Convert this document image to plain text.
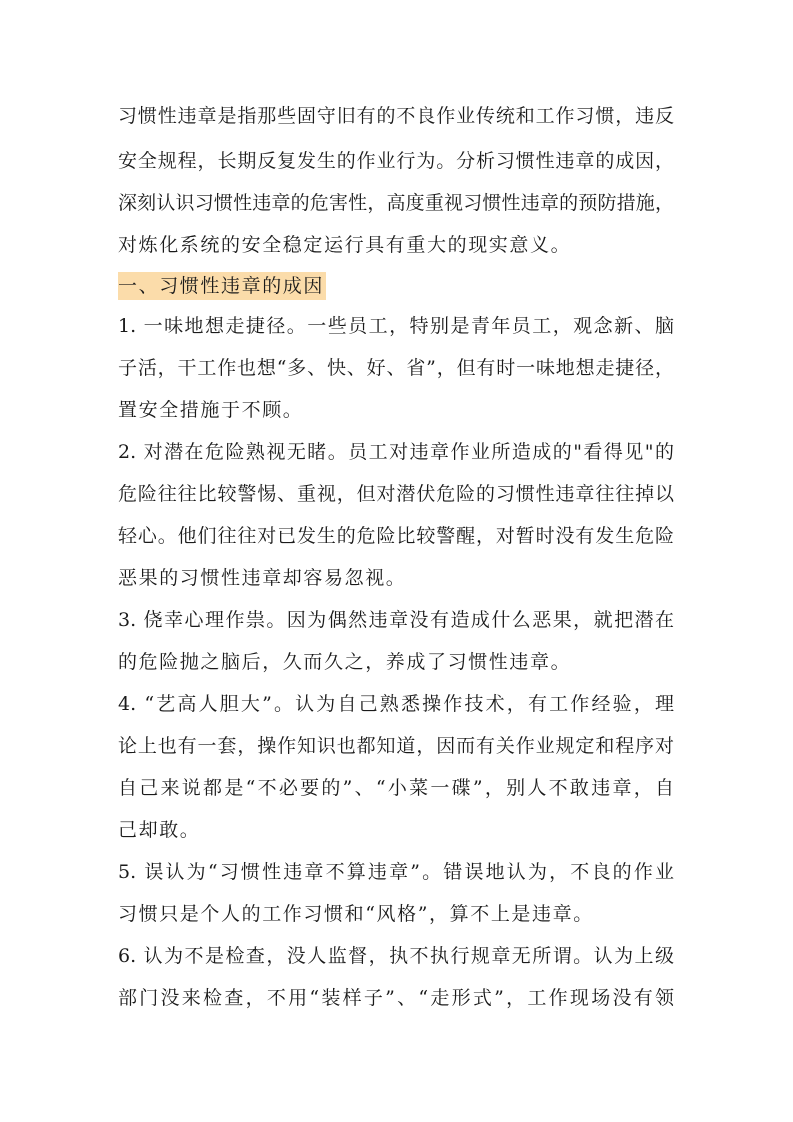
习惯性违章是指那些固守旧有的不良作业传统和工作习惯，违反
安全规程，长期反复发生的作业行为。分析习惯性违章的成因，
深刻认识习惯性违章的危害性，高度重视习惯性违章的预防措施，
对炼化系统的安全稳定运行具有重大的现实意义。
一、习惯性违章的成因
1. 一味地想走捷径。一些员工，特别是青年员工，观念新、脑
子活，干工作也想“多、快、好、省”，但有时一味地想走捷径，
置安全措施于不顾。
2. 对潜在危险熟视无睹。员工对违章作业所造成的"看得见"的
危险往往比较警惕、重视，但对潜伏危险的习惯性违章往往掉以
轻心。他们往往对已发生的危险比较警醒，对暂时没有发生危险
恶果的习惯性违章却容易忽视。
3. 侥幸心理作祟。因为偶然违章没有造成什么恶果，就把潜在
的危险抛之脑后，久而久之，养成了习惯性违章。
4. “艺高人胆大”。认为自己熟悉操作技术，有工作经验，理
论上也有一套，操作知识也都知道，因而有关作业规定和程序对
自己来说都是“不必要的”、“小菜一碟”，别人不敢违章，自
己却敢。
5. 误认为“习惯性违章不算违章”。错误地认为，不良的作业
习惯只是个人的工作习惯和“风格”，算不上是违章。
6. 认为不是检查，没人监督，执不执行规章无所谓。认为上级
部门没来检查，不用“装样子”、“走形式”，工作现场没有领
